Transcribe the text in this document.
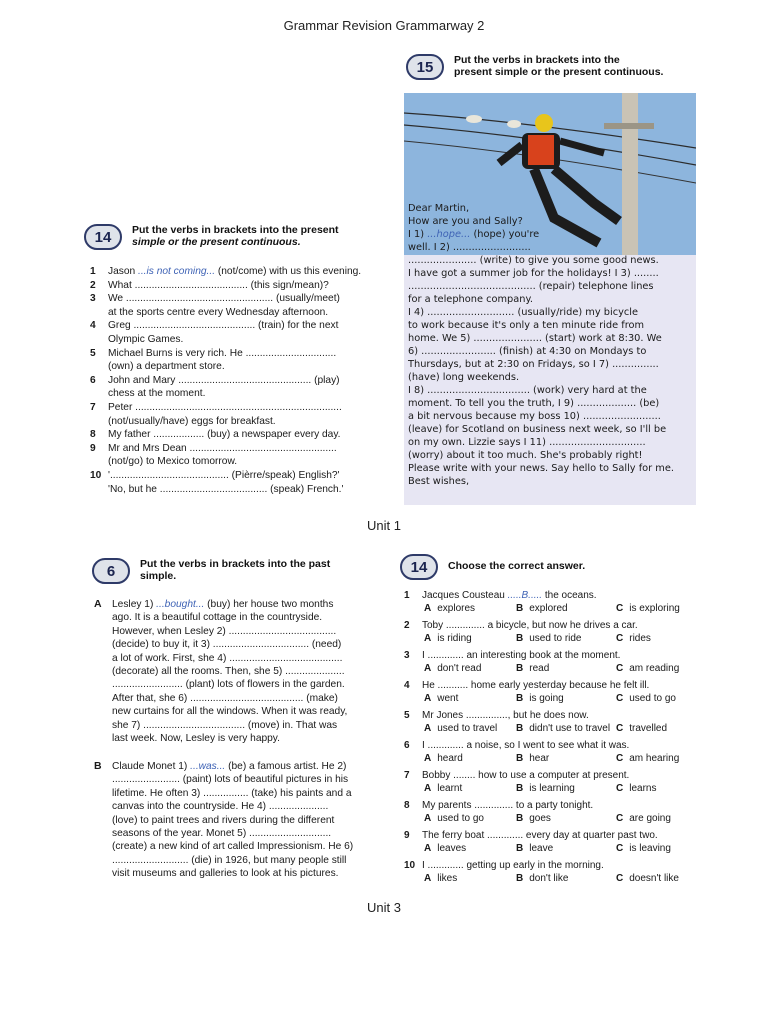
Grammar Revision Grammarway 2
15	Put the verbs in brackets into the
present simple or the present continuous.
Dear Martin,
How are you and Sally?
I 1) ...hope... (hope) you're
well. I 2) .........................
...................... (write) to give you some good news.
I have got a summer job for the holidays! I 3) ........
......................................... (repair) telephone lines
for a telephone company.
I 4) ............................ (usually/ride) my bicycle
to work because it's only a ten minute ride from
home. We 5) ...................... (start) work at 8:30. We
6) ........................ (finish) at 4:30 on Mondays to
Thursdays, but at 2:30 on Fridays, so I 7) ...............
(have) long weekends.
I 8) ................................. (work) very hard at the
moment. To tell you the truth, I 9) ................... (be)
a bit nervous because my boss 10) .........................
(leave) for Scotland on business next week, so I'll be
on my own. Lizzie says I 11) ...............................
(worry) about it too much. She's probably right!
Please write with your news. Say hello to Sally for me.
Best wishes,
14	Put the verbs in brackets into the present
simple or the present continuous.
1 Jason ...is not coming... (not/come) with us this evening.
2 What ........................................ (this sign/mean)?
3 We .................................................... (usually/meet)
at the sports centre every Wednesday afternoon.
4 Greg ........................................... (train) for the next
Olympic Games.
5 Michael Burns is very rich. He ................................
(own) a department store.
6 John and Mary ............................................... (play)
chess at the moment.
7 Peter .........................................................................
(not/usually/have) eggs for breakfast.
8 My father .................. (buy) a newspaper every day.
9 Mr and Mrs Dean ....................................................
(not/go) to Mexico tomorrow.
10 '.......................................... (Pièrre/speak) English?'
'No, but he ...................................... (speak) French.'
Unit 1
6	Put the verbs in brackets into the past
simple.
A Lesley 1) ...bought... (buy) her house two months
ago. It is a beautiful cottage in the countryside.
However, when Lesley 2) ......................................
(decide) to buy it, it 3) .................................. (need)
a lot of work. First, she 4) ........................................
(decorate) all the rooms. Then, she 5) .....................
......................... (plant) lots of flowers in the garden.
After that, she 6) ........................................ (make)
new curtains for all the windows. When it was ready,
she 7) .................................... (move) in. That was
last week. Now, Lesley is very happy.
B Claude Monet 1) ...was... (be) a famous artist. He 2)
........................ (paint) lots of beautiful pictures in his
lifetime. He often 3) ................ (take) his paints and a
canvas into the countryside. He 4) .....................
(love) to paint trees and rivers during the different
seasons of the year. Monet 5) .............................
(create) a new kind of art called Impressionism. He 6)
........................... (die) in 1926, but many people still
visit museums and galleries to look at his pictures.
14	Choose the correct answer.
1 Jacques Cousteau .....B..... the oceans.
A explores	B explored	C is exploring
2 Toby .............. a bicycle, but now he drives a car.
A is riding	B used to ride	C rides
3 I ............. an interesting book at the moment.
A don't read	B read	C am reading
4 He ........... home early yesterday because he felt ill.
A went	B is going	C used to go
5 Mr Jones ..............., but he does now.
A used to travel B didn't use to travel C travelled
6 I ............. a noise, so I went to see what it was.
A heard	B hear	C am hearing
7 Bobby ........ how to use a computer at present.
A learnt	B is learning	C learns
8 My parents .............. to a party tonight.
A used to go	B goes	C are going
9 The ferry boat ............. every day at quarter past two.
A leaves	B leave	C is leaving
10 I ............. getting up early in the morning.
A likes	B don't like	C doesn't like
Unit 3
